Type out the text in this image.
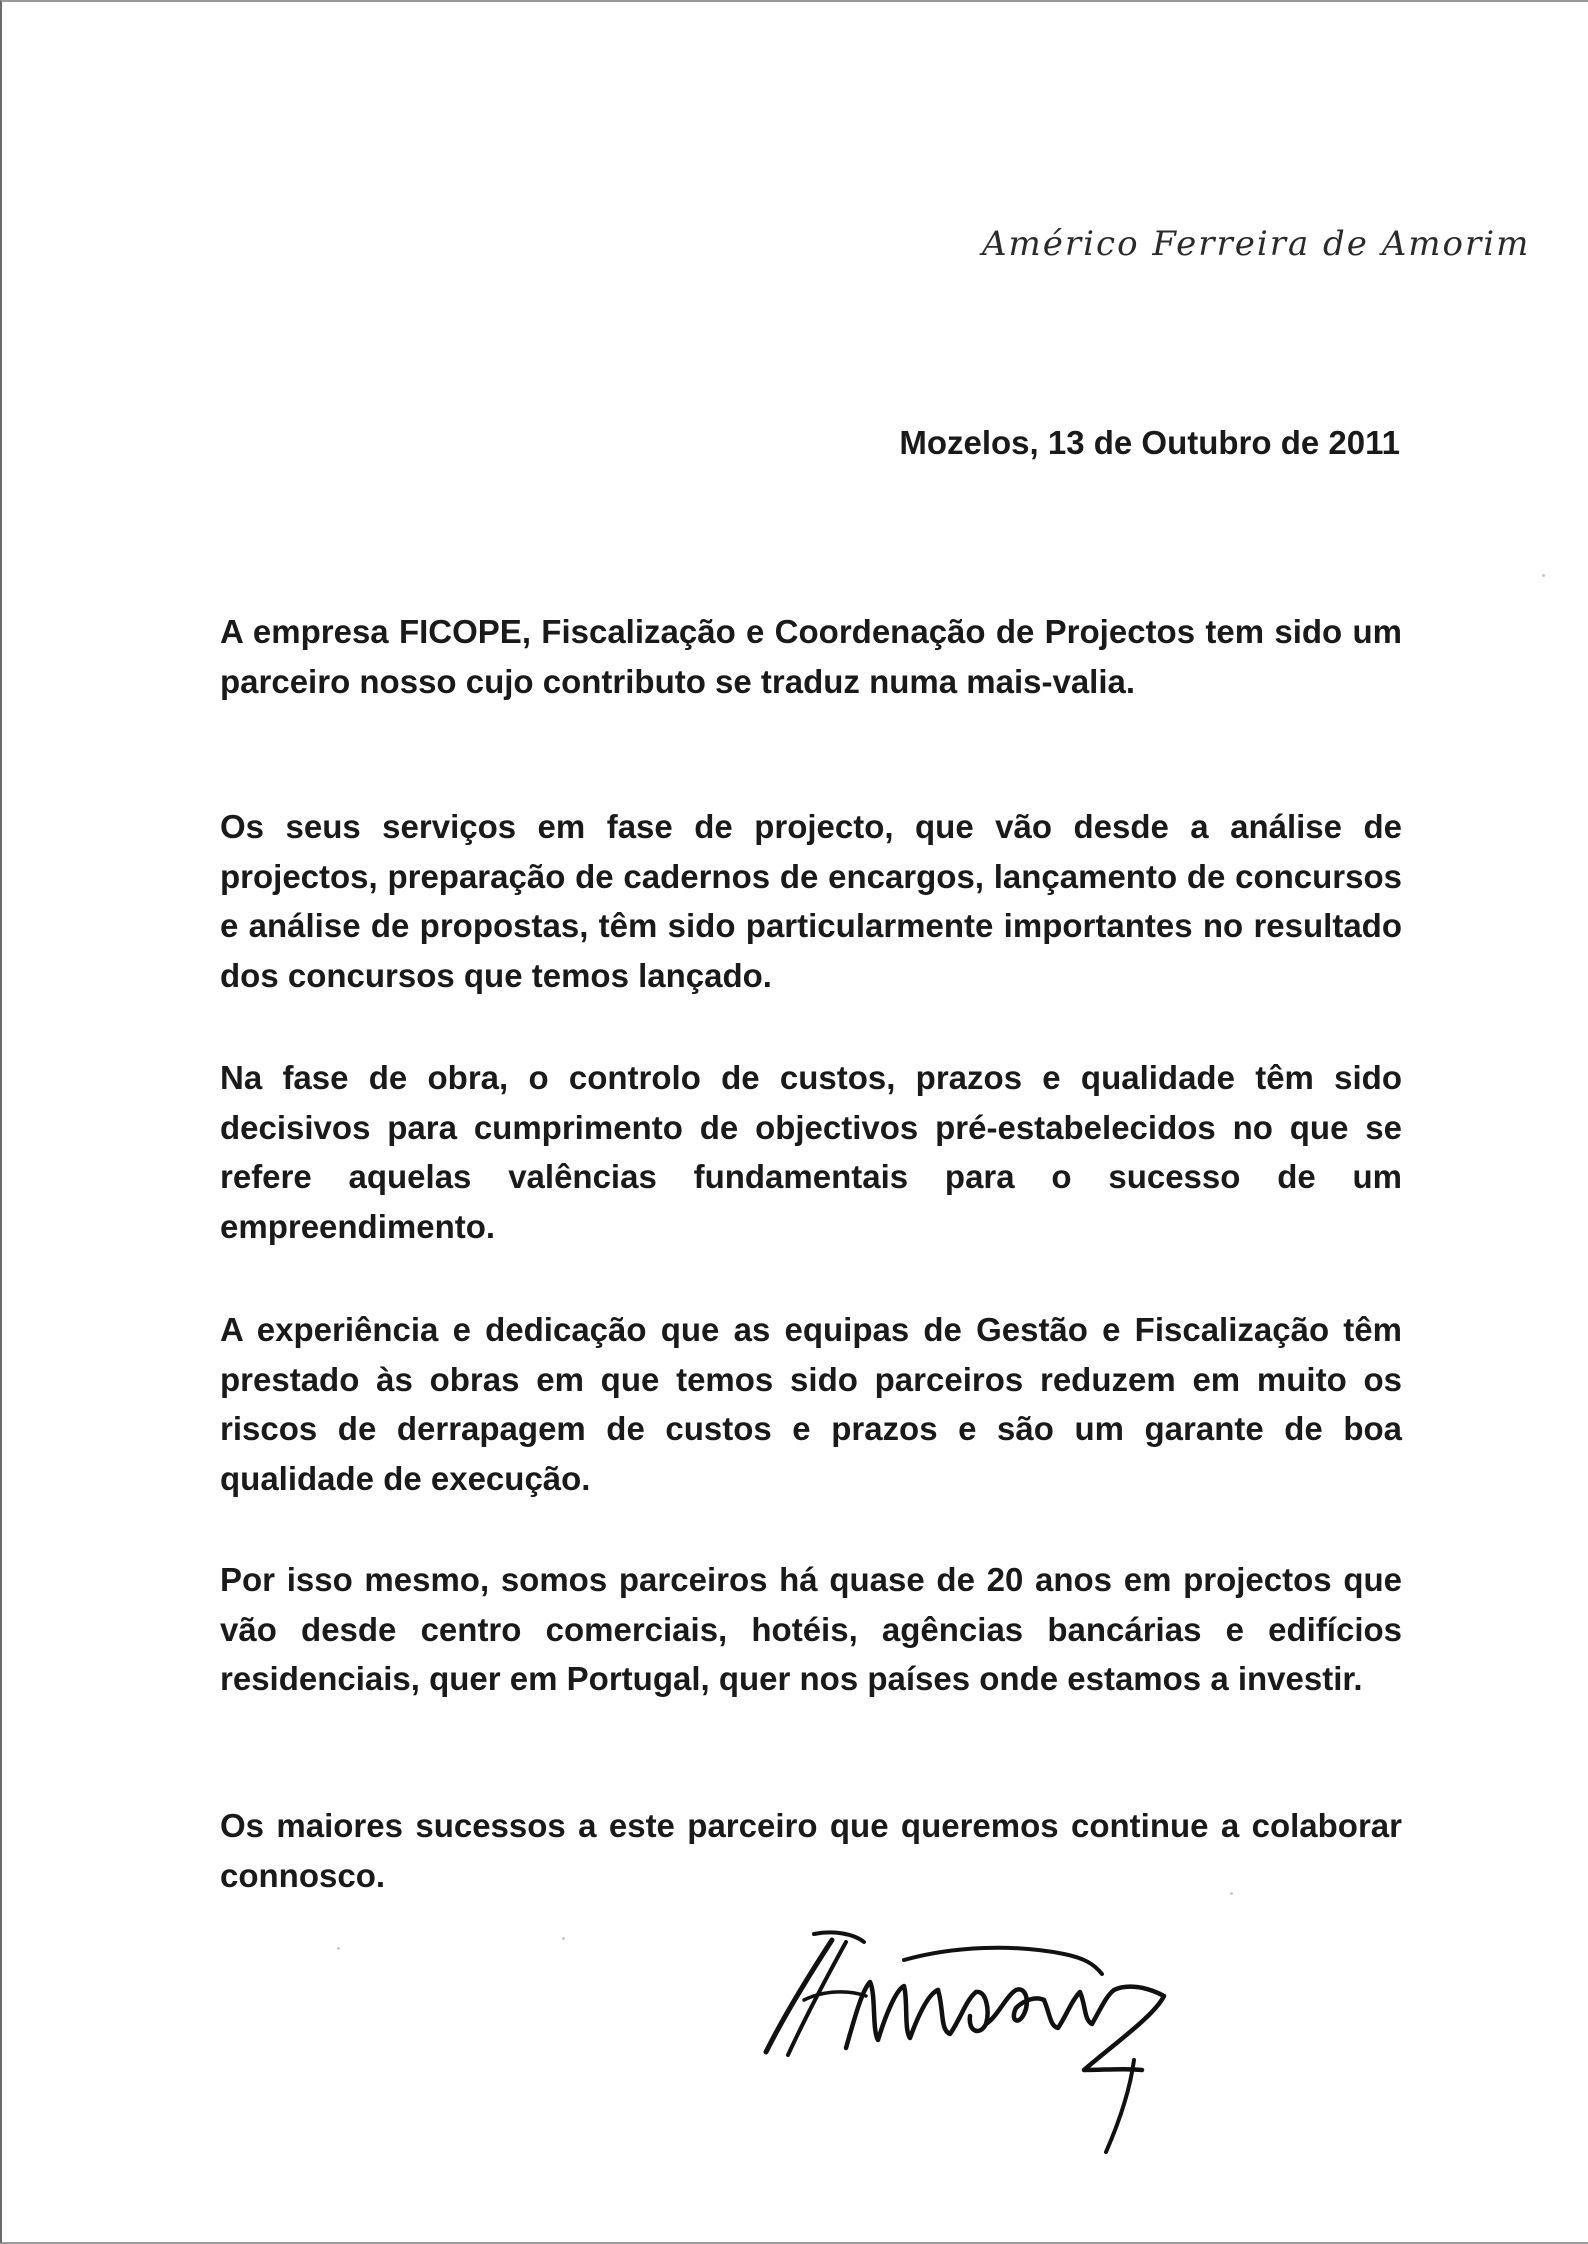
Américo Ferreira de Amorim
Mozelos, 13 de Outubro de 2011

A empresa FICOPE, Fiscalização e Coordenação de Projectos tem sido um parceiro nosso cujo contributo se traduz numa mais-valia.

Os seus serviços em fase de projecto, que vão desde a análise de projectos, preparação de cadernos de encargos, lançamento de concursos e análise de propostas, têm sido particularmente importantes no resultado dos concursos que temos lançado.

Na fase de obra, o controlo de custos, prazos e qualidade têm sido decisivos para cumprimento de objectivos pré-estabelecidos no que se refere aquelas valências fundamentais para o sucesso de um empreendimento.

A experiência e dedicação que as equipas de Gestão e Fiscalização têm prestado às obras em que temos sido parceiros reduzem em muito os riscos de derrapagem de custos e prazos e são um garante de boa qualidade de execução.

Por isso mesmo, somos parceiros há quase de 20 anos em projectos que vão desde centro comerciais, hotéis, agências bancárias e edifícios residenciais, quer em Portugal, quer nos países onde estamos a investir.

Os maiores sucessos a este parceiro que queremos continue a colaborar connosco.
